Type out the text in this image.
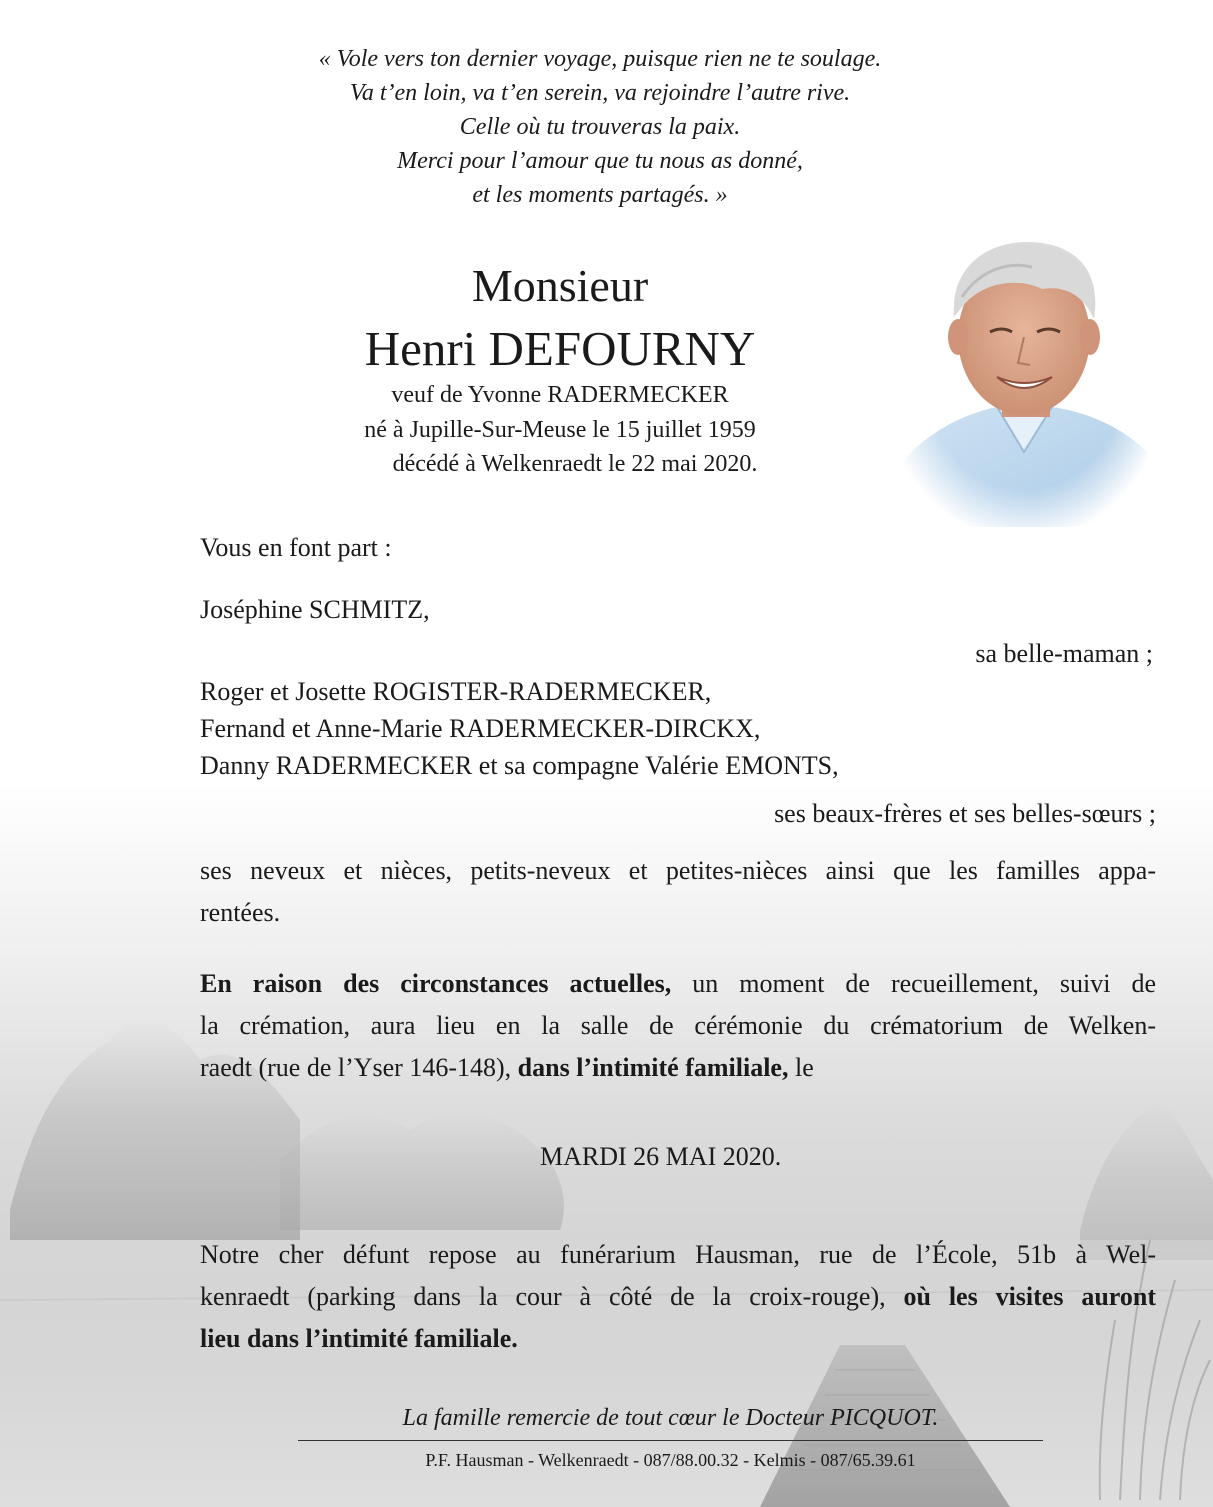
« Vole vers ton dernier voyage, puisque rien ne te soulage.
Va t’en loin, va t’en serein, va rejoindre l’autre rive.
Celle où tu trouveras la paix.
Merci pour l’amour que tu nous as donné,
et les moments partagés. »
Monsieur
Henri DEFOURNY
veuf de Yvonne RADERMECKER
né à Jupille-Sur-Meuse le 15 juillet 1959
décédé à Welkenraedt le 22 mai 2020.
Vous en font part :
Joséphine SCHMITZ,
sa belle-maman ;
Roger et Josette ROGISTER-RADERMECKER,
Fernand et Anne-Marie RADERMECKER-DIRCKX,
Danny RADERMECKER et sa compagne Valérie EMONTS,
ses beaux-frères et ses belles-sœurs ;
ses neveux et nièces, petits-neveux et petites-nièces ainsi que les familles appa-
rentées.
En raison des circonstances actuelles, un moment de recueillement, suivi de
la crémation, aura lieu en la salle de cérémonie du crématorium de Welken-
raedt (rue de l’Yser 146-148), dans l’intimité familiale, le
MARDI 26 MAI 2020.
Notre cher défunt repose au funérarium Hausman, rue de l’École, 51b à Wel-
kenraedt (parking dans la cour à côté de la croix-rouge), où les visites auront
lieu dans l’intimité familiale.
La famille remercie de tout cœur le Docteur PICQUOT.
P.F. Hausman - Welkenraedt - 087/88.00.32 - Kelmis - 087/65.39.61
